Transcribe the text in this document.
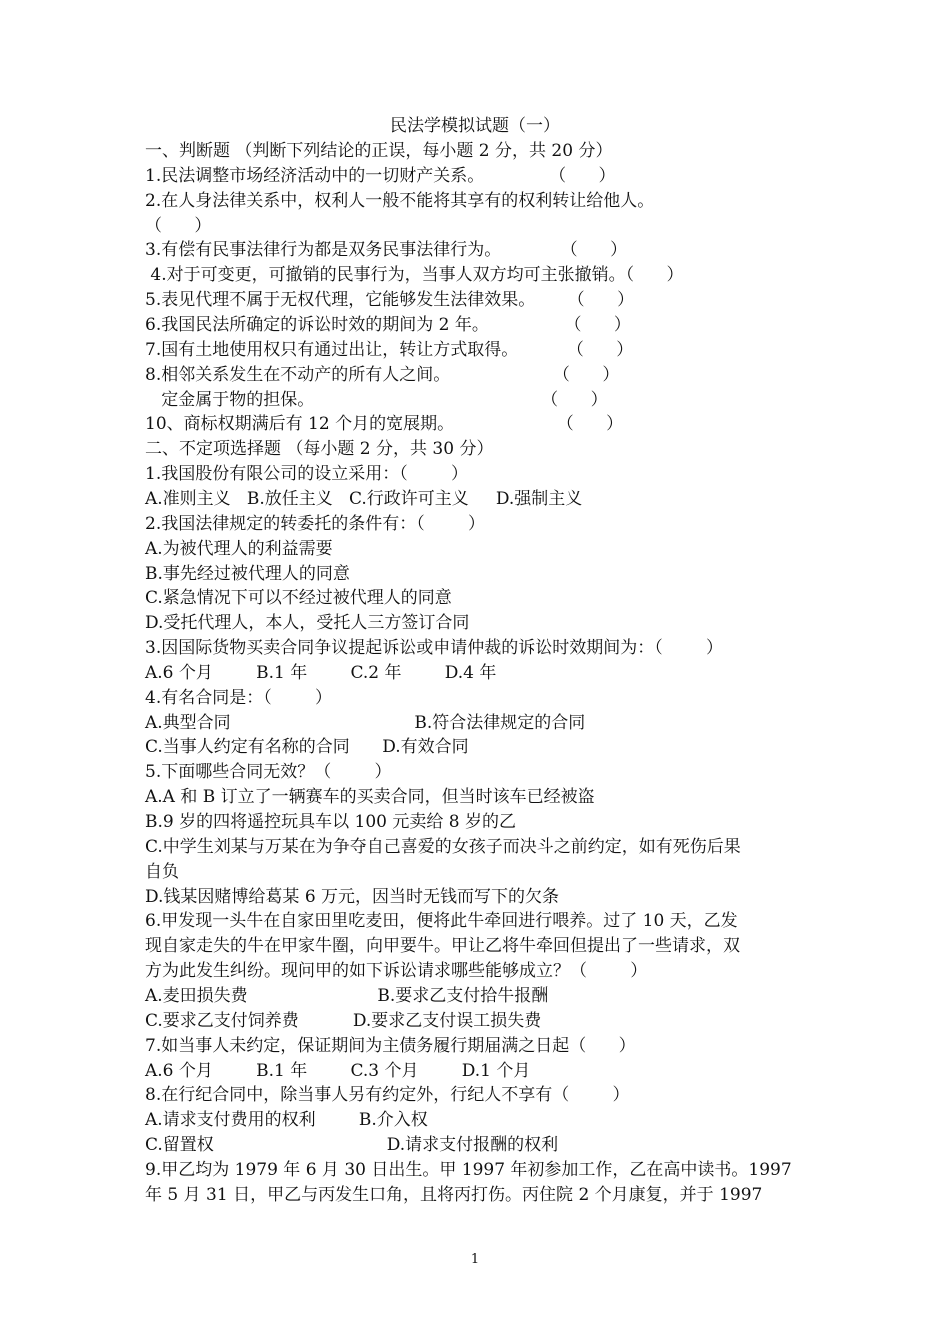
民法学模拟试题（一）

一、判断题 （判断下列结论的正误，每小题 2 分，共 20 分）

1.民法调整市场经济活动中的一切财产关系。            （      ）

2.在人身法律关系中，权利人一般不能将其享有的权利转让给他人。

（      ）

3.有偿有民事法律行为都是双务民事法律行为。           （      ）

4.对于可变更，可撤销的民事行为，当事人双方均可主张撤销。（      ）

5.表见代理不属于无权代理，它能够发生法律效果。      （      ）

6.我国民法所确定的诉讼时效的期间为 2 年。              （      ）

7.国有土地使用权只有通过出让，转让方式取得。         （      ）

8.相邻关系发生在不动产的所有人之间。                   （      ）

定金属于物的担保。                                          （      ）

10、商标权期满后有 12 个月的宽展期。                   （      ）

二、不定项选择题 （每小题 2 分，共 30 分）

1.我国股份有限公司的设立采用：（        ）

A.准则主义   B.放任主义   C.行政许可主义     D.强制主义

2.我国法律规定的转委托的条件有：（        ）

A.为被代理人的利益需要

B.事先经过被代理人的同意

C.紧急情况下可以不经过被代理人的同意

D.受托代理人，本人，受托人三方签订合同

3.因国际货物买卖合同争议提起诉讼或申请仲裁的诉讼时效期间为：（        ）

A.6 个月        B.1 年        C.2 年        D.4 年

4.有名合同是：（        ）

A.典型合同                                  B.符合法律规定的合同

C.当事人约定有名称的合同      D.有效合同

5.下面哪些合同无效？（        ）

A.A 和 B 订立了一辆赛车的买卖合同，但当时该车已经被盗

B.9 岁的四将遥控玩具车以 100 元卖给 8 岁的乙

C.中学生刘某与万某在为争夺自己喜爱的女孩子而决斗之前约定，如有死伤后果

自负

D.钱某因赌博给葛某 6 万元，因当时无钱而写下的欠条

6.甲发现一头牛在自家田里吃麦田，便将此牛牵回进行喂养。过了 10 天，乙发

现自家走失的牛在甲家牛圈，向甲要牛。甲让乙将牛牵回但提出了一些请求，双

方为此发生纠纷。现问甲的如下诉讼请求哪些能够成立？（        ）

A.麦田损失费                        B.要求乙支付拾牛报酬

C.要求乙支付饲养费          D.要求乙支付误工损失费

7.如当事人未约定，保证期间为主债务履行期届满之日起（      ）

A.6 个月        B.1 年        C.3 个月        D.1 个月

8.在行纪合同中，除当事人另有约定外，行纪人不享有（        ）

A.请求支付费用的权利        B.介入权

C.留置权                                D.请求支付报酬的权利

9.甲乙均为 1979 年 6 月 30 日出生。甲 1997 年初参加工作，乙在高中读书。1997

年 5 月 31 日，甲乙与丙发生口角，且将丙打伤。丙住院 2 个月康复，并于 1997

1
